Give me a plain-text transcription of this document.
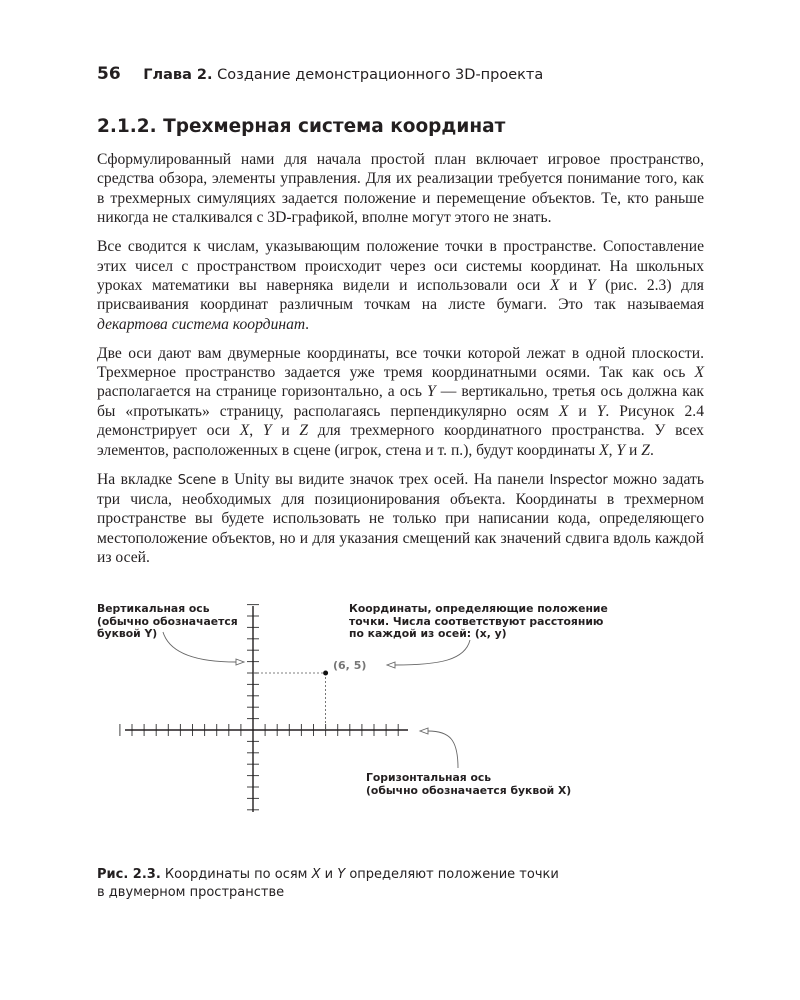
56 Глава 2. Создание демонстрационного 3D-проекта
2.1.2. Трехмерная система координат

Сформулированный нами для начала простой план включает игровое пространство, средства обзора, элементы управления. Для их реализации требуется понимание того, как в трехмерных симуляциях задается положение и перемещение объектов. Те, кто раньше никогда не сталкивался с 3D-графикой, вполне могут этого не знать.

Все сводится к числам, указывающим положение точки в пространстве. Сопоставление этих чисел с пространством происходит через оси системы координат. На школьных уроках математики вы наверняка видели и использовали оси X и Y (рис. 2.3) для присваивания координат различным точкам на листе бумаги. Это так называемая декартова система координат.

Две оси дают вам двумерные координаты, все точки которой лежат в одной плоскости. Трехмерное пространство задается уже тремя координатными осями. Так как ось X располагается на странице горизонтально, а ось Y — вертикально, третья ось должна как бы «протыкать» страницу, располагаясь перпендикулярно осям X и Y. Рисунок 2.4 демонстрирует оси X, Y и Z для трехмерного координатного пространства. У всех элементов, расположенных в сцене (игрок, стена и т. п.), будут координаты X, Y и Z.

На вкладке Scene в Unity вы видите значок трех осей. На панели Inspector можно задать три числа, необходимых для позиционирования объекта. Координаты в трехмерном пространстве вы будете использовать не только при написании кода, определяющего местоположение объектов, но и для указания смещений как значений сдвига вдоль каждой из осей.

Вертикальная ось
(обычно обозначается
буквой Y)
Координаты, определяющие положение
точки. Числа соответствуют расстоянию
по каждой из осей: (x, y)
Горизонтальная ось
(обычно обозначается буквой X)
(6, 5)
Рис. 2.3. Координаты по осям X и Y определяют положение точки
в двумерном пространстве
